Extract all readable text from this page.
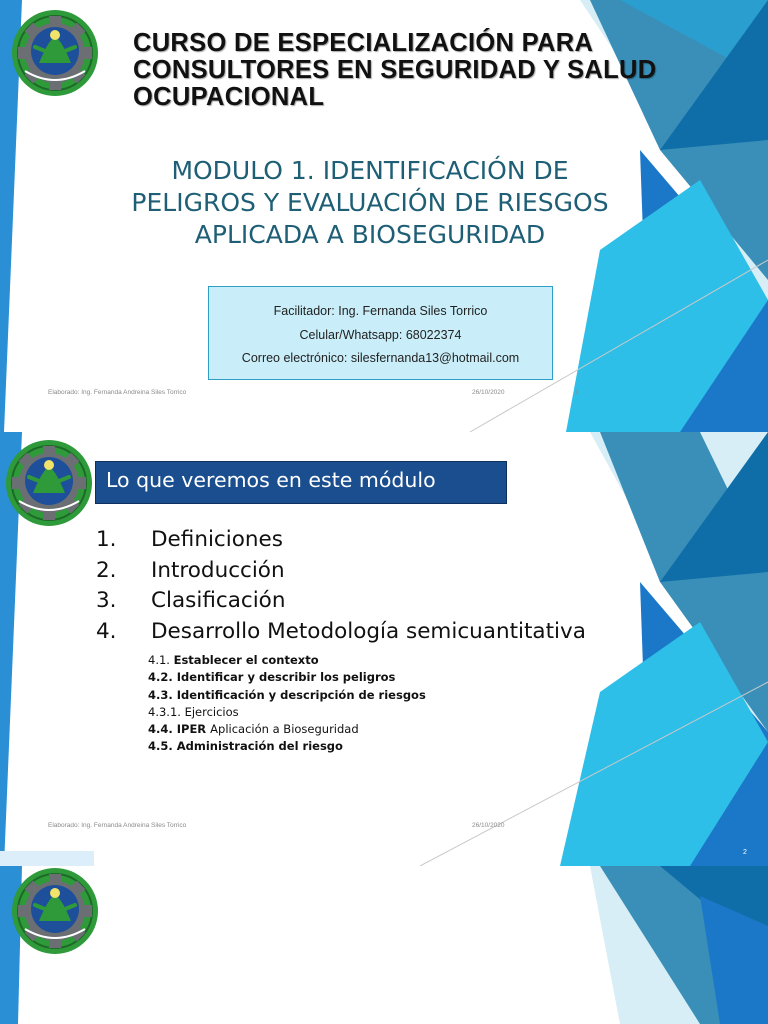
CURSO DE ESPECIALIZACIÓN PARA CONSULTORES EN SEGURIDAD Y SALUD OCUPACIONAL
MODULO 1. IDENTIFICACIÓN DE PELIGROS Y EVALUACIÓN DE RIESGOS APLICADA A BIOSEGURIDAD
Facilitador: Ing. Fernanda Siles Torrico
Celular/Whatsapp: 68022374
Correo electrónico: silesfernanda13@hotmail.com
Elaborado: Ing. Fernanda Andreina Siles Torrico	26/10/2020	1
Lo que veremos en este módulo
1. Definiciones
2. Introducción
3. Clasificación
4. Desarrollo Metodología semicuantitativa
4.1. Establecer el contexto
4.2. Identificar y describir los peligros
4.3. Identificación y descripción de riesgos
4.3.1. Ejercicios
4.4. IPER Aplicación a Bioseguridad
4.5. Administración del riesgo
Elaborado: Ing. Fernanda Andreina Siles Torrico	26/10/2020
2
